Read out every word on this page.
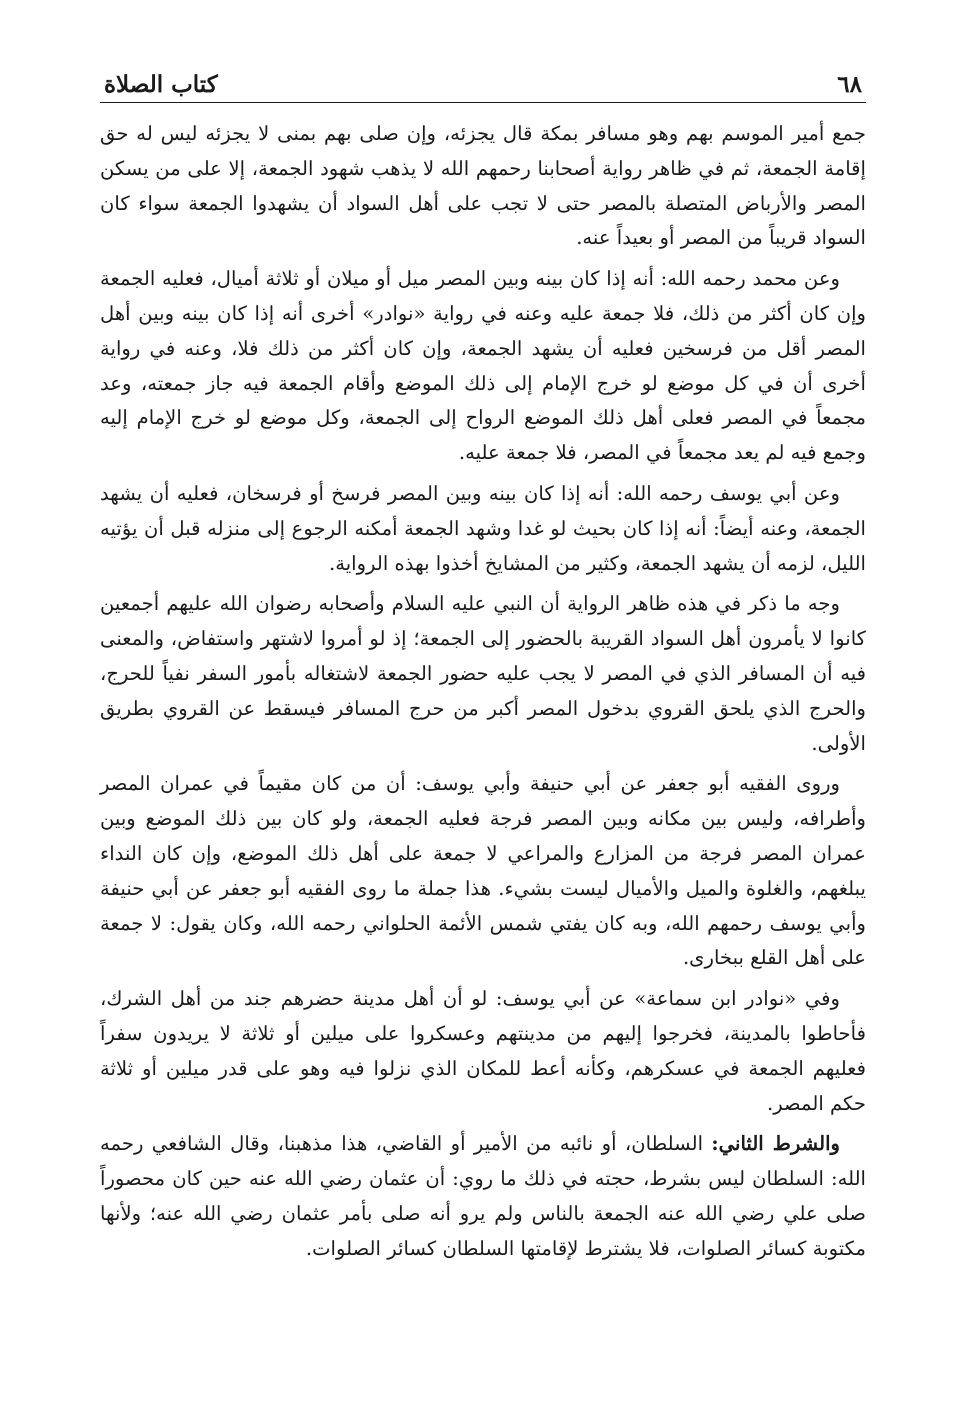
٦٨
كتاب الصلاة

جمع أمير الموسم بهم وهو مسافر بمكة قال يجزئه، وإن صلى بهم بمنى لا يجزئه ليس له حق إقامة الجمعة، ثم في ظاهر رواية أصحابنا رحمهم الله لا يذهب شهود الجمعة، إلا على من يسكن المصر والأرباض المتصلة بالمصر حتى لا تجب على أهل السواد أن يشهدوا الجمعة سواء كان السواد قريباً من المصر أو بعيداً عنه.

وعن محمد رحمه الله: أنه إذا كان بينه وبين المصر ميل أو ميلان أو ثلاثة أميال، فعليه الجمعة وإن كان أكثر من ذلك، فلا جمعة عليه وعنه في رواية «نوادر» أخرى أنه إذا كان بينه وبين أهل المصر أقل من فرسخين فعليه أن يشهد الجمعة، وإن كان أكثر من ذلك فلا، وعنه في رواية أخرى أن في كل موضع لو خرج الإمام إلى ذلك الموضع وأقام الجمعة فيه جاز جمعته، وعد مجمعاً في المصر فعلى أهل ذلك الموضع الرواح إلى الجمعة، وكل موضع لو خرج الإمام إليه وجمع فيه لم يعد مجمعاً في المصر، فلا جمعة عليه.

وعن أبي يوسف رحمه الله: أنه إذا كان بينه وبين المصر فرسخ أو فرسخان، فعليه أن يشهد الجمعة، وعنه أيضاً: أنه إذا كان بحيث لو غدا وشهد الجمعة أمكنه الرجوع إلى منزله قبل أن يؤتيه الليل، لزمه أن يشهد الجمعة، وكثير من المشايخ أخذوا بهذه الرواية.

وجه ما ذكر في هذه ظاهر الرواية أن النبي عليه السلام وأصحابه رضوان الله عليهم أجمعين كانوا لا يأمرون أهل السواد القريبة بالحضور إلى الجمعة؛ إذ لو أمروا لاشتهر واستفاض، والمعنى فيه أن المسافر الذي في المصر لا يجب عليه حضور الجمعة لاشتغاله بأمور السفر نفياً للحرج، والحرج الذي يلحق القروي بدخول المصر أكبر من حرج المسافر فيسقط عن القروي بطريق الأولى.

وروى الفقيه أبو جعفر عن أبي حنيفة وأبي يوسف: أن من كان مقيماً في عمران المصر وأطرافه، وليس بين مكانه وبين المصر فرجة فعليه الجمعة، ولو كان بين ذلك الموضع وبين عمران المصر فرجة من المزارع والمراعي لا جمعة على أهل ذلك الموضع، وإن كان النداء يبلغهم، والغلوة والميل والأميال ليست بشيء. هذا جملة ما روى الفقيه أبو جعفر عن أبي حنيفة وأبي يوسف رحمهم الله، وبه كان يفتي شمس الأئمة الحلواني رحمه الله، وكان يقول: لا جمعة على أهل القلع ببخارى.

وفي «نوادر ابن سماعة» عن أبي يوسف: لو أن أهل مدينة حضرهم جند من أهل الشرك، فأحاطوا بالمدينة، فخرجوا إليهم من مدينتهم وعسكروا على ميلين أو ثلاثة لا يريدون سفراً فعليهم الجمعة في عسكرهم، وكأنه أعط للمكان الذي نزلوا فيه وهو على قدر ميلين أو ثلاثة حكم المصر.

والشرط الثاني: السلطان، أو نائبه من الأمير أو القاضي، هذا مذهبنا، وقال الشافعي رحمه الله: السلطان ليس بشرط، حجته في ذلك ما روي: أن عثمان رضي الله عنه حين كان محصوراً صلى علي رضي الله عنه الجمعة بالناس ولم يرو أنه صلى بأمر عثمان رضي الله عنه؛ ولأنها مكتوبة كسائر الصلوات، فلا يشترط لإقامتها السلطان كسائر الصلوات.
